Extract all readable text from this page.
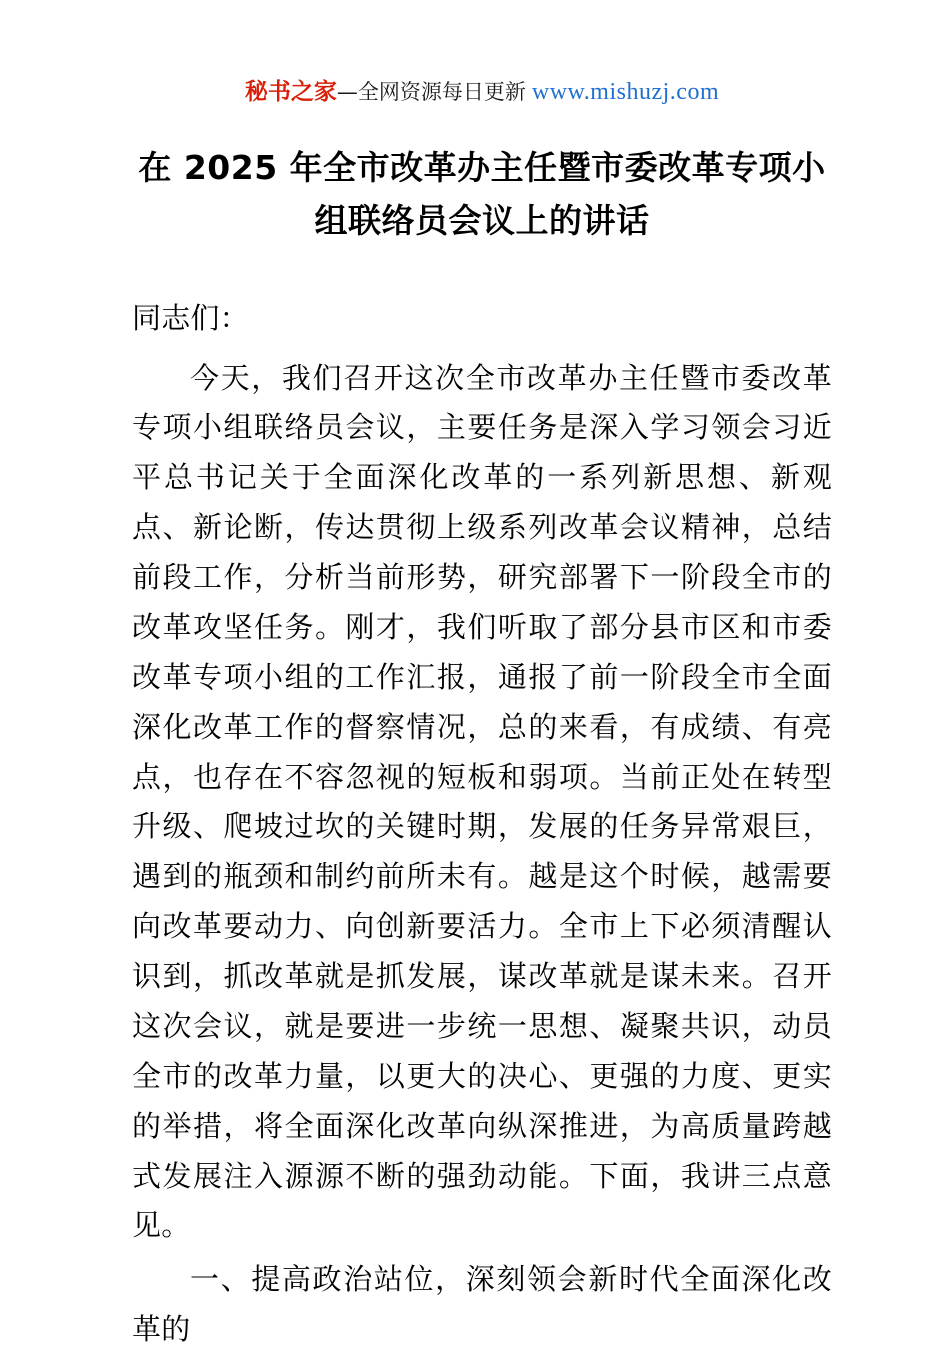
秘书之家—全网资源每日更新 www.mishuzj.com
在 2025 年全市改革办主任暨市委改革专项小组联络员会议上的讲话

同志们：

今天，我们召开这次全市改革办主任暨市委改革专项小组联络员会议，主要任务是深入学习领会习近平总书记关于全面深化改革的一系列新思想、新观点、新论断，传达贯彻上级系列改革会议精神，总结前段工作，分析当前形势，研究部署下一阶段全市的改革攻坚任务。刚才，我们听取了部分县市区和市委改革专项小组的工作汇报，通报了前一阶段全市全面深化改革工作的督察情况，总的来看，有成绩、有亮点，也存在不容忽视的短板和弱项。当前正处在转型升级、爬坡过坎的关键时期，发展的任务异常艰巨，遇到的瓶颈和制约前所未有。越是这个时候，越需要向改革要动力、向创新要活力。全市上下必须清醒认识到，抓改革就是抓发展，谋改革就是谋未来。召开这次会议，就是要进一步统一思想、凝聚共识，动员全市的改革力量，以更大的决心、更强的力度、更实的举措，将全面深化改革向纵深推进，为高质量跨越式发展注入源源不断的强劲动能。下面，我讲三点意见。

一、提高政治站位，深刻领会新时代全面深化改革的
